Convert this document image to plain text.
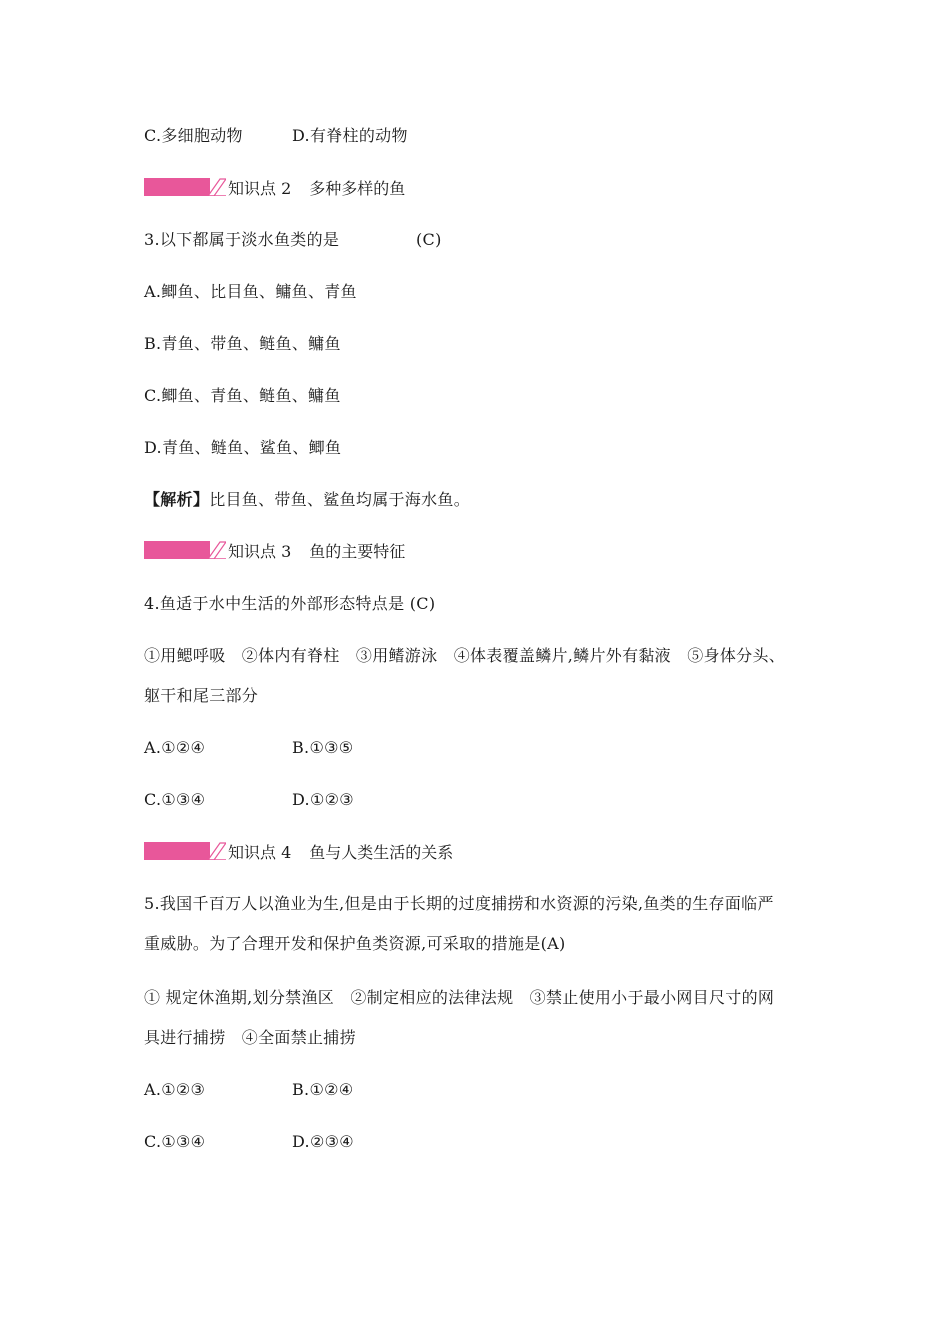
C.多细胞动物	D.有脊柱的动物
知识点 2 多种多样的鱼
3.以下都属于淡水鱼类的是	(C)
A.鲫鱼、比目鱼、鳙鱼、青鱼
B.青鱼、带鱼、鲢鱼、鳙鱼
C.鲫鱼、青鱼、鲢鱼、鳙鱼
D.青鱼、鲢鱼、鲨鱼、鲫鱼
【解析】比目鱼、带鱼、鲨鱼均属于海水鱼。
知识点 3 鱼的主要特征
4.鱼适于水中生活的外部形态特点是 (C)
①用鳃呼吸　②体内有脊柱　③用鳍游泳　④体表覆盖鳞片,鳞片外有黏液　⑤身体分头、
躯干和尾三部分
A.①②④	B.①③⑤
C.①③④	D.①②③
知识点 4 鱼与人类生活的关系
5.我国千百万人以渔业为生,但是由于长期的过度捕捞和水资源的污染,鱼类的生存面临严
重威胁。为了合理开发和保护鱼类资源,可采取的措施是(A)
① 规定休渔期,划分禁渔区　②制定相应的法律法规　③禁止使用小于最小网目尺寸的网
具进行捕捞　④全面禁止捕捞
A.①②③	B.①②④
C.①③④	D.②③④
